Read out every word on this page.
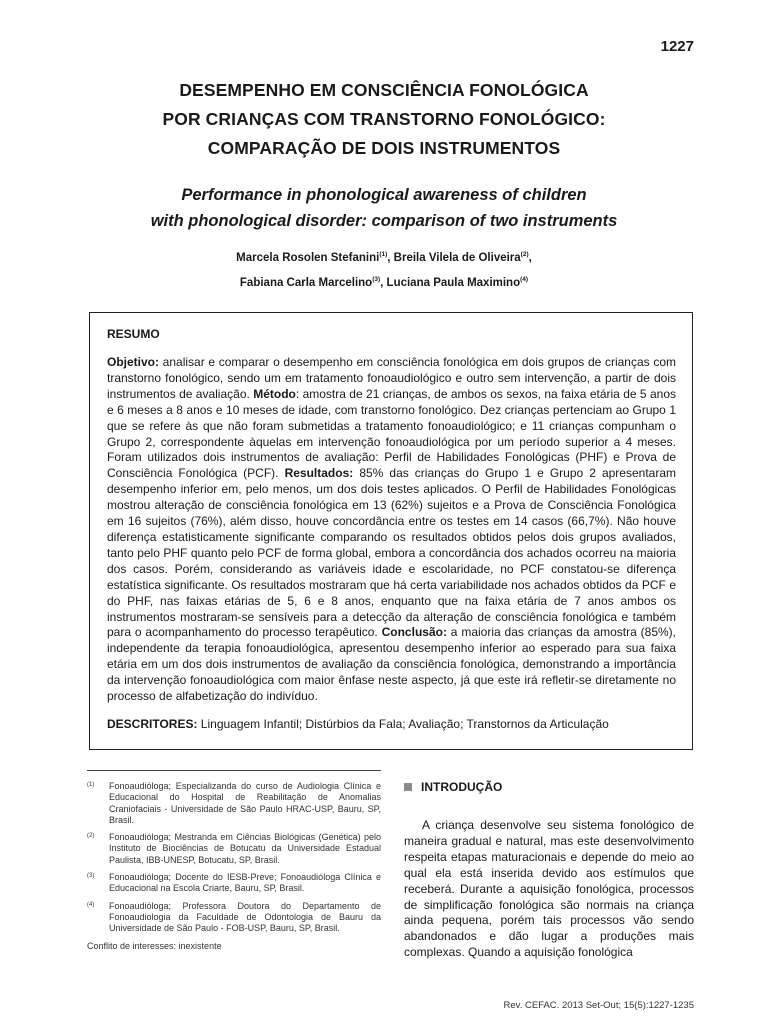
1227
DESEMPENHO EM CONSCIÊNCIA FONOLÓGICA
POR CRIANÇAS COM TRANSTORNO FONOLÓGICO:
COMPARAÇÃO DE DOIS INSTRUMENTOS
Performance in phonological awareness of children
with phonological disorder: comparison of two instruments
Marcela Rosolen Stefanini$^{(1)}$, Breila Vilela de Oliveira$^{(2)}$,
Fabiana Carla Marcelino$^{(3)}$, Luciana Paula Maximino$^{(4)}$
RESUMO

Objetivo: analisar e comparar o desempenho em consciência fonológica em dois grupos de crianças com transtorno fonológico, sendo um em tratamento fonoaudiológico e outro sem intervenção, a partir de dois instrumentos de avaliação. Método: amostra de 21 crianças, de ambos os sexos, na faixa etária de 5 anos e 6 meses a 8 anos e 10 meses de idade, com transtorno fonológico. Dez crianças pertenciam ao Grupo 1 que se refere às que não foram submetidas a tratamento fonoaudiológico; e 11 crianças compunham o Grupo 2, correspondente àquelas em intervenção fonoaudiológica por um período superior a 4 meses. Foram utilizados dois instrumentos de avaliação: Perfil de Habilidades Fonológicas (PHF) e Prova de Consciência Fonológica (PCF). Resultados: 85% das crianças do Grupo 1 e Grupo 2 apresentaram desempenho inferior em, pelo menos, um dos dois testes aplicados. O Perfil de Habilidades Fonológicas mostrou alteração de consciência fonológica em 13 (62%) sujeitos e a Prova de Consciência Fonológica em 16 sujeitos (76%), além disso, houve concordância entre os testes em 14 casos (66,7%). Não houve diferença estatisticamente significante comparando os resultados obtidos pelos dois grupos avaliados, tanto pelo PHF quanto pelo PCF de forma global, embora a concordância dos achados ocorreu na maioria dos casos. Porém, considerando as variáveis idade e escolaridade, no PCF constatou-se diferença estatística significante. Os resultados mostraram que há certa variabilidade nos achados obtidos da PCF e do PHF, nas faixas etárias de 5, 6 e 8 anos, enquanto que na faixa etária de 7 anos ambos os instrumentos mostraram-se sensíveis para a detecção da alteração de consciência fonológica e também para o acompanhamento do processo terapêutico. Conclusão: a maioria das crianças da amostra (85%), independente da terapia fonoaudiológica, apresentou desempenho inferior ao esperado para sua faixa etária em um dos dois instrumentos de avaliação da consciência fonológica, demonstrando a importância da intervenção fonoaudiológica com maior ênfase neste aspecto, já que este irá refletir-se diretamente no processo de alfabetização do indivíduo.

DESCRITORES: Linguagem Infantil; Distúrbios da Fala; Avaliação; Transtornos da Articulação
(1)	Fonoaudióloga; Especializanda do curso de Audiologia Clínica e Educacional do Hospital de Reabilitação de Anomalias Craniofaciais - Universidade de São Paulo HRAC-USP, Bauru, SP, Brasil.
(2)	Fonoaudióloga; Mestranda em Ciências Biológicas (Genética) pelo Instituto de Biociências de Botucatu da Universidade Estadual Paulista, IBB-UNESP, Botucatu, SP, Brasil.
(3)	Fonoaudióloga; Docente do IESB-Preve; Fonoaudióloga Clínica e Educacional na Escola Criarte, Bauru, SP, Brasil.
(4)	Fonoaudióloga; Professora Doutora do Departamento de Fonoaudiologia da Faculdade de Odontologia de Bauru da Universidade de São Paulo - FOB-USP, Bauru, SP, Brasil.
Conflito de interesses: inexistente
INTRODUÇÃO

A criança desenvolve seu sistema fonológico de maneira gradual e natural, mas este desenvolvimento respeita etapas maturacionais e depende do meio ao qual ela está inserida devido aos estímulos que receberá. Durante a aquisição fonológica, processos de simplificação fonológica são normais na criança ainda pequena, porém tais processos vão sendo abandonados e dão lugar a produções mais complexas. Quando a aquisição fonológica

Rev. CEFAC. 2013 Set-Out; 15(5):1227-1235
